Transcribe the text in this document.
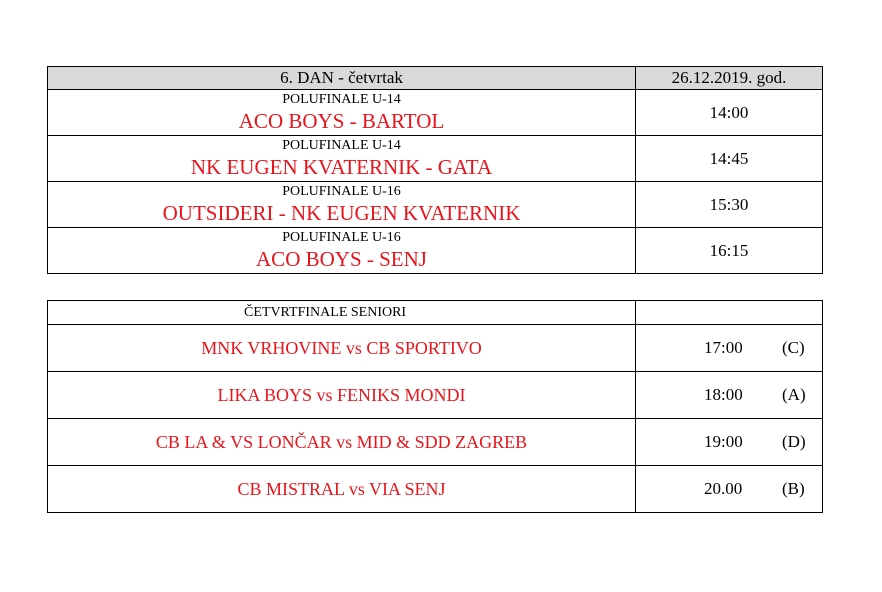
6. DAN - četvrtak	26.12.2019. god.

POLUFINALE U-14
ACO BOYS - BARTOL	14:00

POLUFINALE U-14
NK EUGEN KVATERNIK - GATA	14:45

POLUFINALE U-16
OUTSIDERI - NK EUGEN KVATERNIK	15:30

POLUFINALE U-16
ACO BOYS - SENJ	16:15
ČETVRTFINALE SENIORI	
MNK VRHOVINE vs CB SPORTIVO	17:00 (C)

LIKA BOYS vs FENIKS MONDI	18:00 (A)

CB LA & VS LONČAR vs MID & SDD ZAGREB	19:00 (D)

CB MISTRAL vs VIA SENJ	20.00 (B)
